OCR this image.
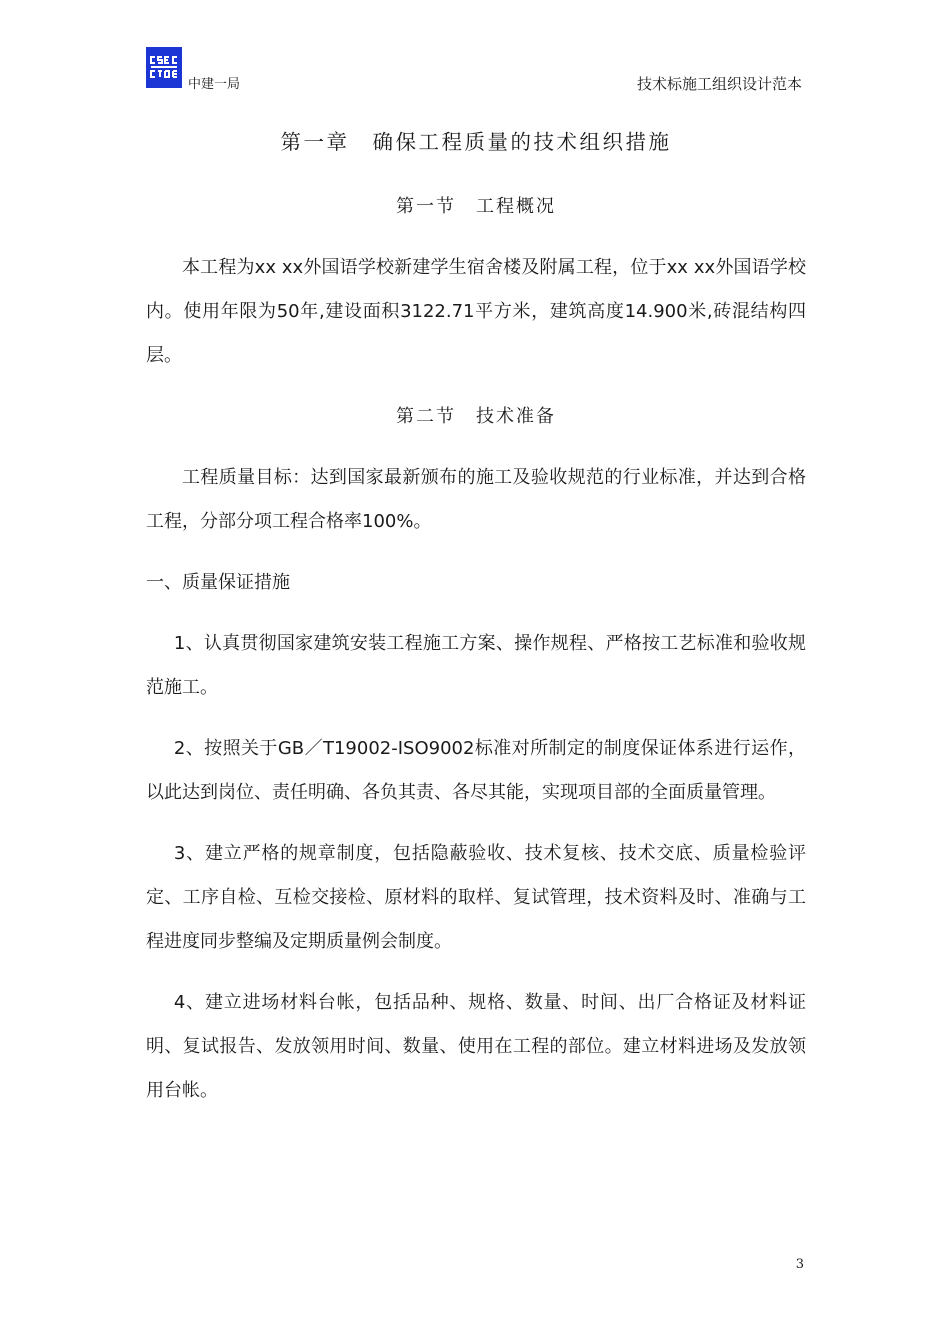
中建一局	技术标施工组织设计范本
第一章　确保工程质量的技术组织措施
第一节　工程概况

本工程为xx xx外国语学校新建学生宿舍楼及附属工程，位于xx xx外国语学校内。使用年限为50年,建设面积3122.71平方米，建筑高度14.900米,砖混结构四层。

第二节　技术准备

工程质量目标：达到国家最新颁布的施工及验收规范的行业标准，并达到合格工程，分部分项工程合格率100%。

一、质量保证措施

1、认真贯彻国家建筑安装工程施工方案、操作规程、严格按工艺标准和验收规范施工。

2、按照关于GB／T19002-ISO9002标准对所制定的制度保证体系进行运作，以此达到岗位、责任明确、各负其责、各尽其能，实现项目部的全面质量管理。

3、建立严格的规章制度，包括隐蔽验收、技术复核、技术交底、质量检验评定、工序自检、互检交接检、原材料的取样、复试管理，技术资料及时、准确与工程进度同步整编及定期质量例会制度。

4、建立进场材料台帐，包括品种、规格、数量、时间、出厂合格证及材料证明、复试报告、发放领用时间、数量、使用在工程的部位。建立材料进场及发放领用台帐。

3
